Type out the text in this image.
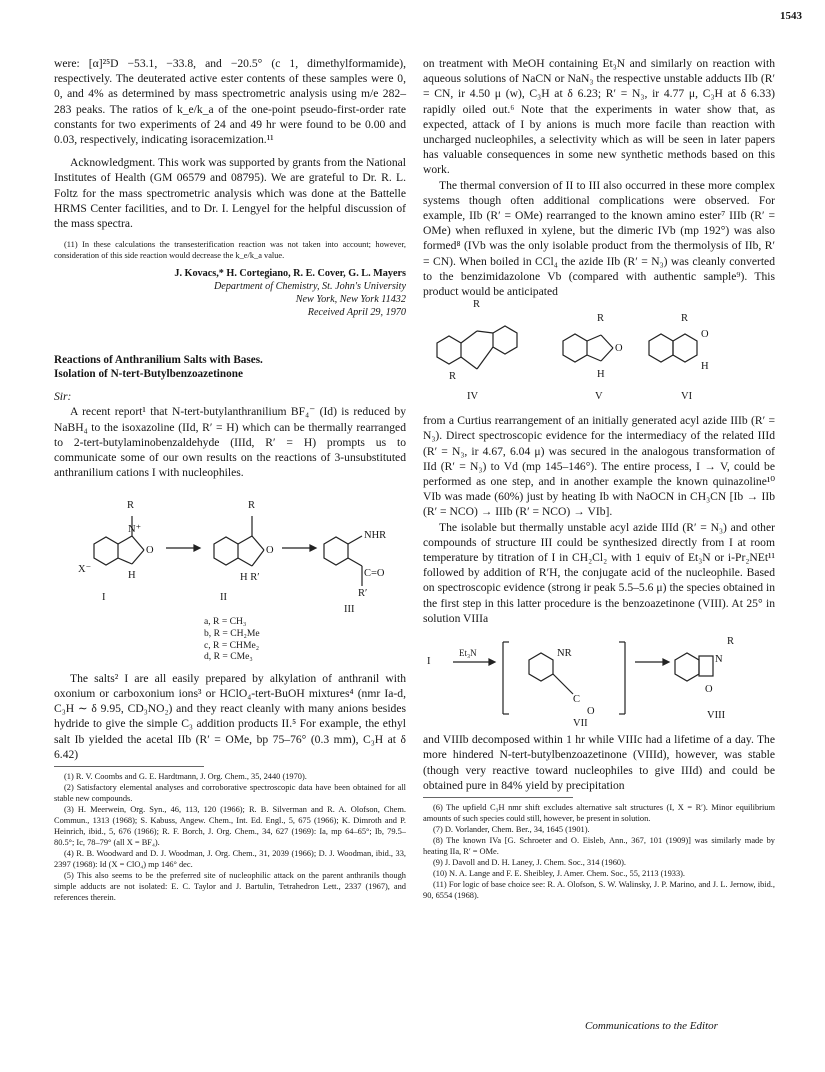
1543

were: [α]²⁵D −53.1, −33.8, and −20.5° (c 1, dimethylformamide), respectively. The deuterated active ester contents of these samples were 0, 0, and 4% as determined by mass spectrometric analysis using m/e 282–283 peaks. The ratios of k_e/k_a of the one-point pseudo-first-order rate constants for two experiments of 24 and 49 hr were found to be 0.00 and 0.03, respectively, indicating isoracemization.¹¹

Acknowledgment. This work was supported by grants from the National Institutes of Health (GM 06579 and 08795). We are grateful to Dr. R. L. Foltz for the mass spectrometric analysis which was done at the Battelle HRMS Center facilities, and to Dr. I. Lengyel for the helpful discussion of the mass spectra.

(11) In these calculations the transesterification reaction was not taken into account; however, consideration of this side reaction would decrease the k_e/k_a value.

J. Kovacs,* H. Cortegiano, R. E. Cover, G. L. Mayers
Department of Chemistry, St. John's University
New York, New York 11432
Received April 29, 1970
Reactions of Anthranilium Salts with Bases.
Isolation of N-tert-Butylbenzoazetinone
Sir:

A recent report¹ that N-tert-butylanthranilium BF₄⁻ (Id) is reduced by NaBH₄ to the isoxazoline (IId, R′ = H) which can be thermally rearranged to 2-tert-butylaminobenzaldehyde (IIId, R′ = H) prompts us to communicate some of our own results on the reactions of 3-unsubstituted anthranilium cations I with nucleophiles.

R
N⁺
O
X⁻
H
I
R
O
H R′
II
NHR
C=O
R′
III
a, R = CH₃
b, R = CH₂Me
c, R = CHMe₂
d, R = CMe₃

The salts² I are all easily prepared by alkylation of anthranil with oxonium or carboxonium ions³ or HClO₄-tert-BuOH mixtures⁴ (nmr Ia-d, C₃H ∼ δ 9.95, CD₃NO₂) and they react cleanly with many anions besides hydride to give the simple C₃ addition products II.⁵ For example, the ethyl salt Ib yielded the acetal IIb (R′ = OMe, bp 75–76° (0.3 mm), C₃H at δ 6.42)

(1) R. V. Coombs and G. E. Hardtmann, J. Org. Chem., 35, 2440 (1970).

(2) Satisfactory elemental analyses and corroborative spectroscopic data have been obtained for all stable new compounds.

(3) H. Meerwein, Org. Syn., 46, 113, 120 (1966); R. B. Silverman and R. A. Olofson, Chem. Commun., 1313 (1968); S. Kabuss, Angew. Chem., Int. Ed. Engl., 5, 675 (1966); K. Dimroth and P. Heinrich, ibid., 5, 676 (1966); R. F. Borch, J. Org. Chem., 34, 627 (1969): Ia, mp 64–65°; Ib, 79.5–80.5°; Ic, 78–79° (all X = BF₄).

(4) R. B. Woodward and D. J. Woodman, J. Org. Chem., 31, 2039 (1966); D. J. Woodman, ibid., 33, 2397 (1968): Id (X = ClO₄) mp 146° dec.

(5) This also seems to be the preferred site of nucleophilic attack on the parent anthranils though simple adducts are not isolated: E. C. Taylor and J. Bartulin, Tetrahedron Lett., 2337 (1967), and references therein.

on treatment with MeOH containing Et₃N and similarly on reaction with aqueous solutions of NaCN or NaN₃ the respective unstable adducts IIb (R′ = CN, ir 4.50 μ (w), C₃H at δ 6.23; R′ = N₃, ir 4.77 μ, C₃H at δ 6.33) rapidly oiled out.⁶ Note that the experiments in water show that, as expected, attack of I by anions is much more facile than reaction with uncharged nucleophiles, a selectivity which as will be seen in later papers has valuable consequences in some new synthetic methods based on this work.

The thermal conversion of II to III also occurred in these more complex systems though often additional complications were observed. For example, IIb (R′ = OMe) rearranged to the known amino ester⁷ IIIb (R′ = OMe) when refluxed in xylene, but the dimeric IVb (mp 192°) was also formed⁸ (IVb was the only isolable product from the thermolysis of IIb, R′ = CN). When boiled in CCl₄ the azide IIb (R′ = N₃) was cleanly converted to the benzimidazolone Vb (compared with authentic sample⁹). This product would be anticipated

R
R
IV
R
O
H
V
R
O
H
VI

from a Curtius rearrangement of an initially generated acyl azide IIIb (R′ = N₃). Direct spectroscopic evidence for the intermediacy of the related IIId (R′ = N₃, ir 4.67, 6.04 μ) was secured in the analogous transformation of IId (R′ = N₃) to Vd (mp 145–146°). The entire process, I → V, could be performed as one step, and in another example the known quinazoline¹⁰ VIb was made (60%) just by heating Ib with NaOCN in CH₃CN [Ib → IIb (R′ = NCO) → IIIb (R′ = NCO) → VIb].

The isolable but thermally unstable acyl azide IIId (R′ = N₃) and other compounds of structure III could be synthesized directly from I at room temperature by titration of I in CH₂Cl₂ with 1 equiv of Et₃N or i-Pr₂NEt¹¹ followed by addition of R′H, the conjugate acid of the nucleophile. Based on spectroscopic evidence (strong ir peak 5.5–5.6 μ) the species obtained in the first step in this latter procedure is the benzoazetinone (VIII). At 25° in solution VIIIa

I
Et₃N	NR
C
O
VII
N
R
O
VIII

and VIIIb decomposed within 1 hr while VIIIc had a lifetime of a day. The more hindered N-tert-butylbenzoazetinone (VIIId), however, was stable (though very reactive toward nucleophiles to give IIId) and could be obtained pure in 84% yield by precipitation

(6) The upfield C₃H nmr shift excludes alternative salt structures (I, X = R′). Minor equilibrium amounts of such species could still, however, be present in solution.

(7) D. Vorlander, Chem. Ber., 34, 1645 (1901).

(8) The known IVa [G. Schroeter and O. Eisleb, Ann., 367, 101 (1909)] was similarly made by heating IIa, R′ = OMe.

(9) J. Davoll and D. H. Laney, J. Chem. Soc., 314 (1960).

(10) N. A. Lange and F. E. Sheibley, J. Amer. Chem. Soc., 55, 2113 (1933).

(11) For logic of base choice see: R. A. Olofson, S. W. Walinsky, J. P. Marino, and J. L. Jernow, ibid., 90, 6554 (1968).

Communications to the Editor
